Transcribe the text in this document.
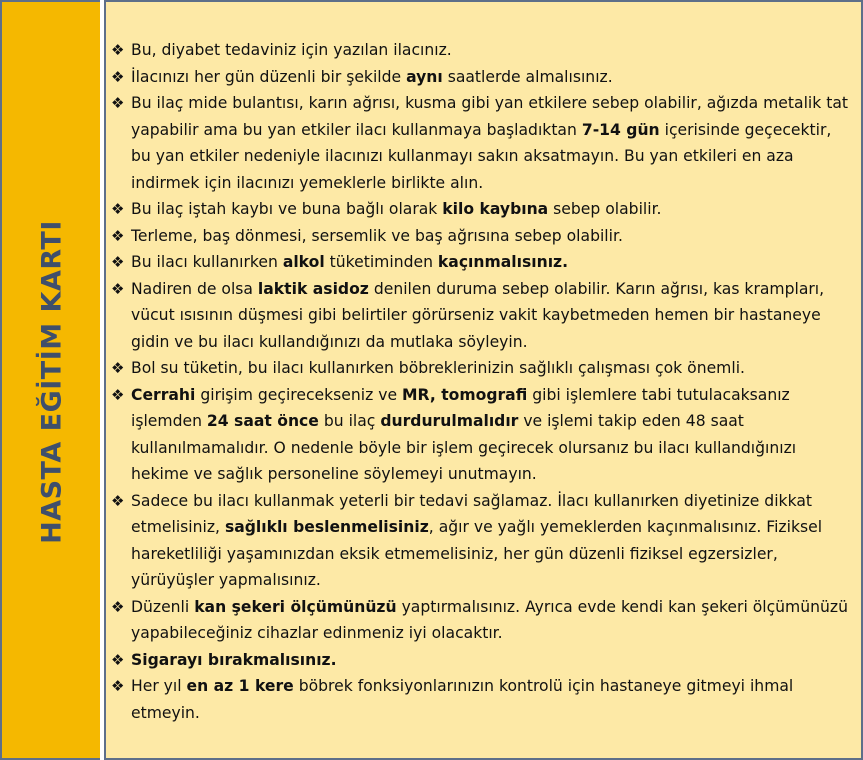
HASTA EĞİTİM KARTI
❖ Bu, diyabet tedaviniz için yazılan ilacınız.
❖ İlacınızı her gün düzenli bir şekilde aynı saatlerde almalısınız.
❖ Bu ilaç mide bulantısı, karın ağrısı, kusma gibi yan etkilere sebep olabilir, ağızda metalik tat yapabilir ama bu yan etkiler ilacı kullanmaya başladıktan 7-14 gün içerisinde geçecektir, bu yan etkiler nedeniyle ilacınızı kullanmayı sakın aksatmayın. Bu yan etkileri en aza indirmek için ilacınızı yemeklerle birlikte alın.
❖ Bu ilaç iştah kaybı ve buna bağlı olarak kilo kaybına sebep olabilir.
❖ Terleme, baş dönmesi, sersemlik ve baş ağrısına sebep olabilir.
❖ Bu ilacı kullanırken alkol tüketiminden kaçınmalısınız.
❖ Nadiren de olsa laktik asidoz denilen duruma sebep olabilir. Karın ağrısı, kas krampları, vücut ısısının düşmesi gibi belirtiler görürseniz vakit kaybetmeden hemen bir hastaneye gidin ve bu ilacı kullandığınızı da mutlaka söyleyin.
❖ Bol su tüketin, bu ilacı kullanırken böbreklerinizin sağlıklı çalışması çok önemli.
❖ Cerrahi girişim geçirecekseniz ve MR, tomografi gibi işlemlere tabi tutulacaksanız işlemden 24 saat önce bu ilaç durdurulmalıdır ve işlemi takip eden 48 saat kullanılmamalıdır. O nedenle böyle bir işlem geçirecek olursanız bu ilacı kullandığınızı hekime ve sağlık personeline söylemeyi unutmayın.
❖ Sadece bu ilacı kullanmak yeterli bir tedavi sağlamaz. İlacı kullanırken diyetinize dikkat etmelisiniz, sağlıklı beslenmelisiniz, ağır ve yağlı yemeklerden kaçınmalısınız. Fiziksel hareketliliği yaşamınızdan eksik etmemelisiniz, her gün düzenli fiziksel egzersizler, yürüyüşler yapmalısınız.
❖ Düzenli kan şekeri ölçümünüzü yaptırmalısınız. Ayrıca evde kendi kan şekeri ölçümünüzü yapabileceğiniz cihazlar edinmeniz iyi olacaktır.
❖ Sigarayı bırakmalısınız.
❖ Her yıl en az 1 kere böbrek fonksiyonlarınızın kontrolü için hastaneye gitmeyi ihmal etmeyin.
